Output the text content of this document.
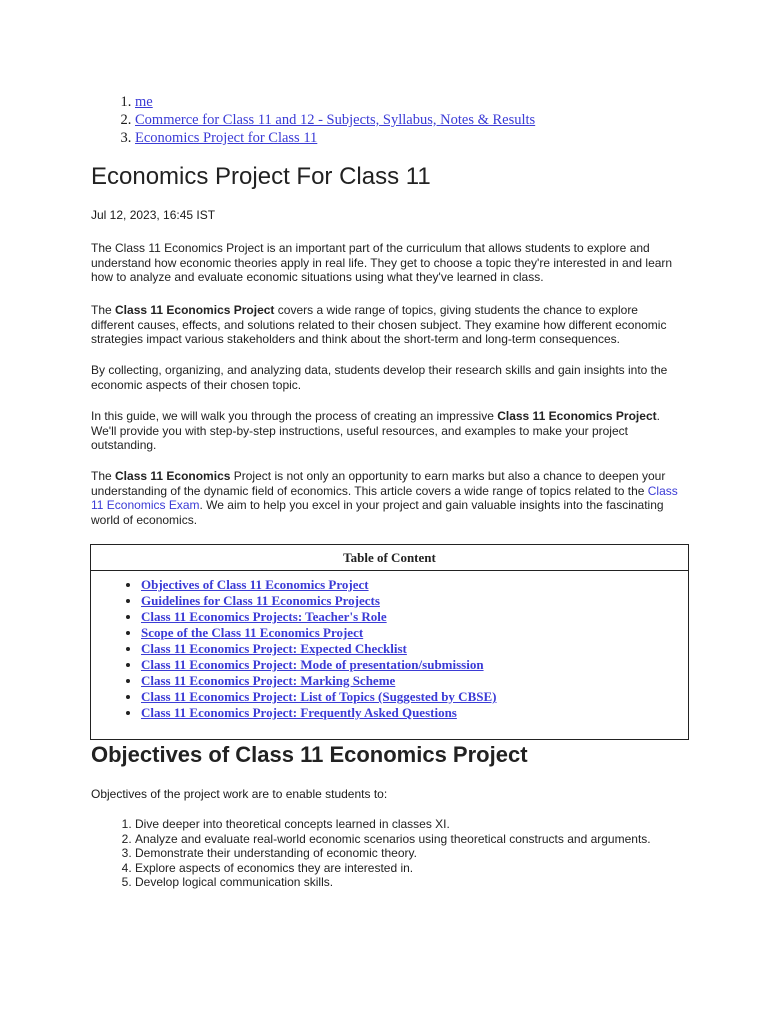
1. me
2. Commerce for Class 11 and 12 - Subjects, Syllabus, Notes & Results
3. Economics Project for Class 11
Economics Project For Class 11

Jul 12, 2023, 16:45 IST

The Class 11 Economics Project is an important part of the curriculum that allows students to explore and understand how economic theories apply in real life. They get to choose a topic they're interested in and learn how to analyze and evaluate economic situations using what they've learned in class.

The Class 11 Economics Project covers a wide range of topics, giving students the chance to explore different causes, effects, and solutions related to their chosen subject. They examine how different economic strategies impact various stakeholders and think about the short-term and long-term consequences.

By collecting, organizing, and analyzing data, students develop their research skills and gain insights into the economic aspects of their chosen topic.

In this guide, we will walk you through the process of creating an impressive Class 11 Economics Project. We'll provide you with step-by-step instructions, useful resources, and examples to make your project outstanding.

The Class 11 Economics Project is not only an opportunity to earn marks but also a chance to deepen your understanding of the dynamic field of economics. This article covers a wide range of topics related to the Class 11 Economics Exam. We aim to help you excel in your project and gain valuable insights into the fascinating world of economics.

Table of Content
• Objectives of Class 11 Economics Project
• Guidelines for Class 11 Economics Projects
• Class 11 Economics Projects: Teacher's Role
• Scope of the Class 11 Economics Project
• Class 11 Economics Project: Expected Checklist
• Class 11 Economics Project: Mode of presentation/submission
• Class 11 Economics Project: Marking Scheme
• Class 11 Economics Project: List of Topics (Suggested by CBSE)
• Class 11 Economics Project: Frequently Asked Questions
Objectives of Class 11 Economics Project

Objectives of the project work are to enable students to:

1. Dive deeper into theoretical concepts learned in classes XI.
2. Analyze and evaluate real-world economic scenarios using theoretical constructs and arguments.
3. Demonstrate their understanding of economic theory.
4. Explore aspects of economics they are interested in.
5. Develop logical communication skills.
